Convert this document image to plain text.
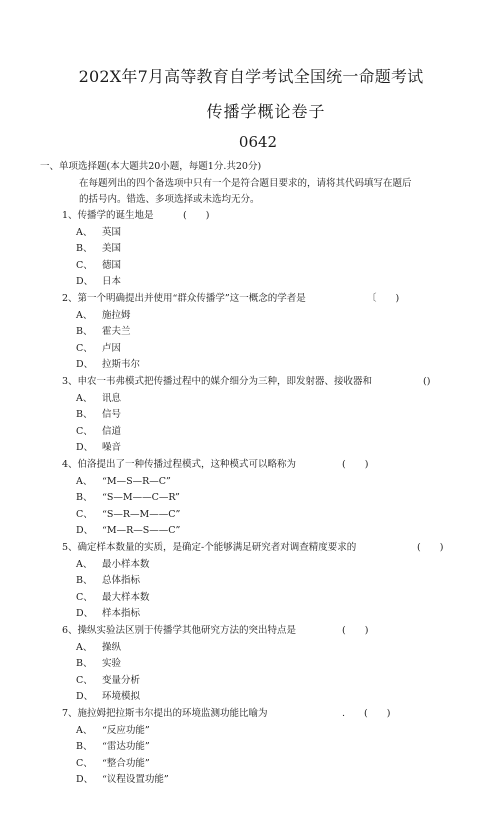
202X年7月高等教育自学考试全国统一命题考试
传播学概论卷子
0642
一、单项选择题(本大题共20小题，每题1分.共20分)
在每题列出的四个备选项中只有一个是符合题目要求的，请将其代码填写在题后
的括号内。错选、多项选择或未选均无分。
1、传播学的诞生地是	(　　)
A、 英国
B、 美国
C、 德国
D、 日本
2、第一个明确提出并使用“群众传播学”这一概念的学者是	〔　　)
A、 施拉姆
B、 霍夫兰
C、 卢因
D、 拉斯韦尔
3、申农一韦弗模式把传播过程中的媒介细分为三种，即发射器、接收器和	()
A、 讯息
B、 信号
C、 信道
D、 噪音
4、伯洛提出了一种传播过程模式，这种模式可以略称为	(　　)
A、 “M—S—R—C”
B、 “S—M——C—R”
C、 “S—R—M——C”
D、 “M—R—S——C”
5、确定样本数量的实质，是确定-个能够满足研究者对调查精度要求的	(　　)
A、 最小样本数
B、 总体指标
C、 最大样本数
D、 样本指标
6、操纵实验法区别于传播学其他研究方法的突出特点是	(　　)
A、 操纵
B、 实验
C、 变量分析
D、 环境模拟
7、施拉姆把拉斯韦尔提出的环境监测功能比喻为	.　　(　　)
A、 “反应功能”
B、 “雷达功能”
C、 “整合功能”
D、 “议程设置功能”
